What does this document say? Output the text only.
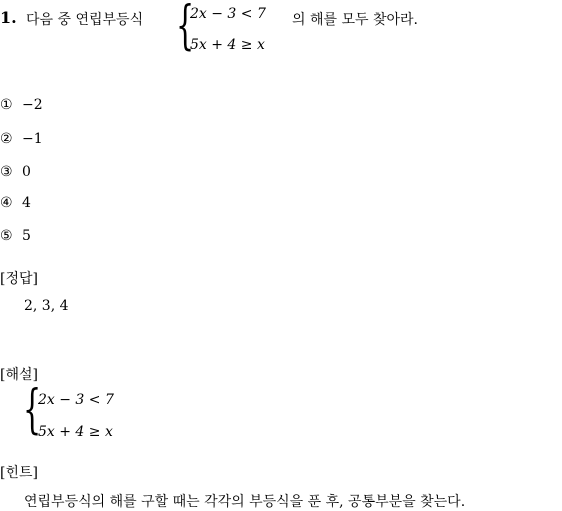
1. 다음 중 연립부등식 {
2x − 3 < 7
5x + 4 ≥ x
의 해를 모두 찾아라.
① −2
② −1
③ 0
④ 4
⑤ 5
[정답]
2, 3, 4
[해설]
{
2x − 3 < 7
5x + 4 ≥ x
[힌트]
연립부등식의 해를 구할 때는 각각의 부등식을 푼 후, 공통부분을 찾는다.
